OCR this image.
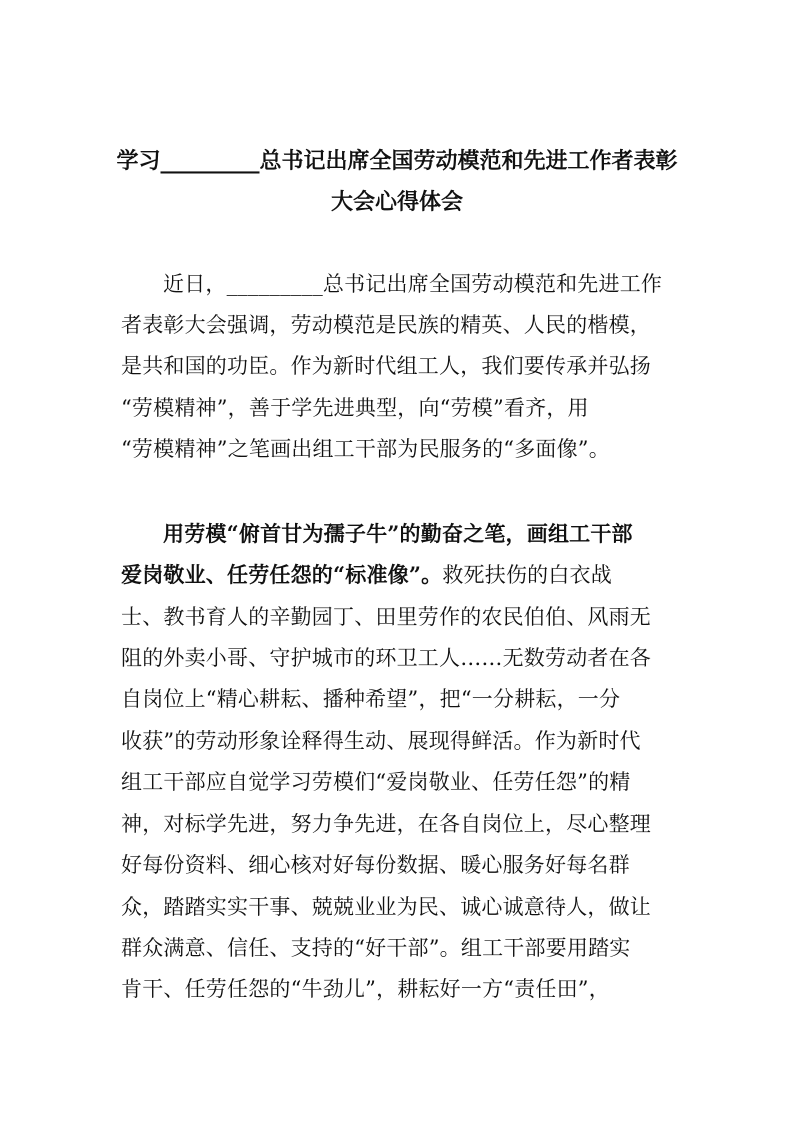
学习_________总书记出席全国劳动模范和先进工作者表彰
大会心得体会
近日，_________总书记出席全国劳动模范和先进工作
者表彰大会强调，劳动模范是民族的精英、人民的楷模，
是共和国的功臣。作为新时代组工人，我们要传承并弘扬
“劳模精神”，善于学先进典型，向“劳模”看齐，用
“劳模精神”之笔画出组工干部为民服务的“多面像”。
用劳模“俯首甘为孺子牛”的勤奋之笔，画组工干部
爱岗敬业、任劳任怨的“标准像”。救死扶伤的白衣战
士、教书育人的辛勤园丁、田里劳作的农民伯伯、风雨无
阻的外卖小哥、守护城市的环卫工人……无数劳动者在各
自岗位上“精心耕耘、播种希望”，把“一分耕耘，一分
收获”的劳动形象诠释得生动、展现得鲜活。作为新时代
组工干部应自觉学习劳模们“爱岗敬业、任劳任怨”的精
神，对标学先进，努力争先进，在各自岗位上，尽心整理
好每份资料、细心核对好每份数据、暖心服务好每名群
众，踏踏实实干事、兢兢业业为民、诚心诚意待人，做让
群众满意、信任、支持的“好干部”。组工干部要用踏实
肯干、任劳任怨的“牛劲儿”，耕耘好一方“责任田”，
